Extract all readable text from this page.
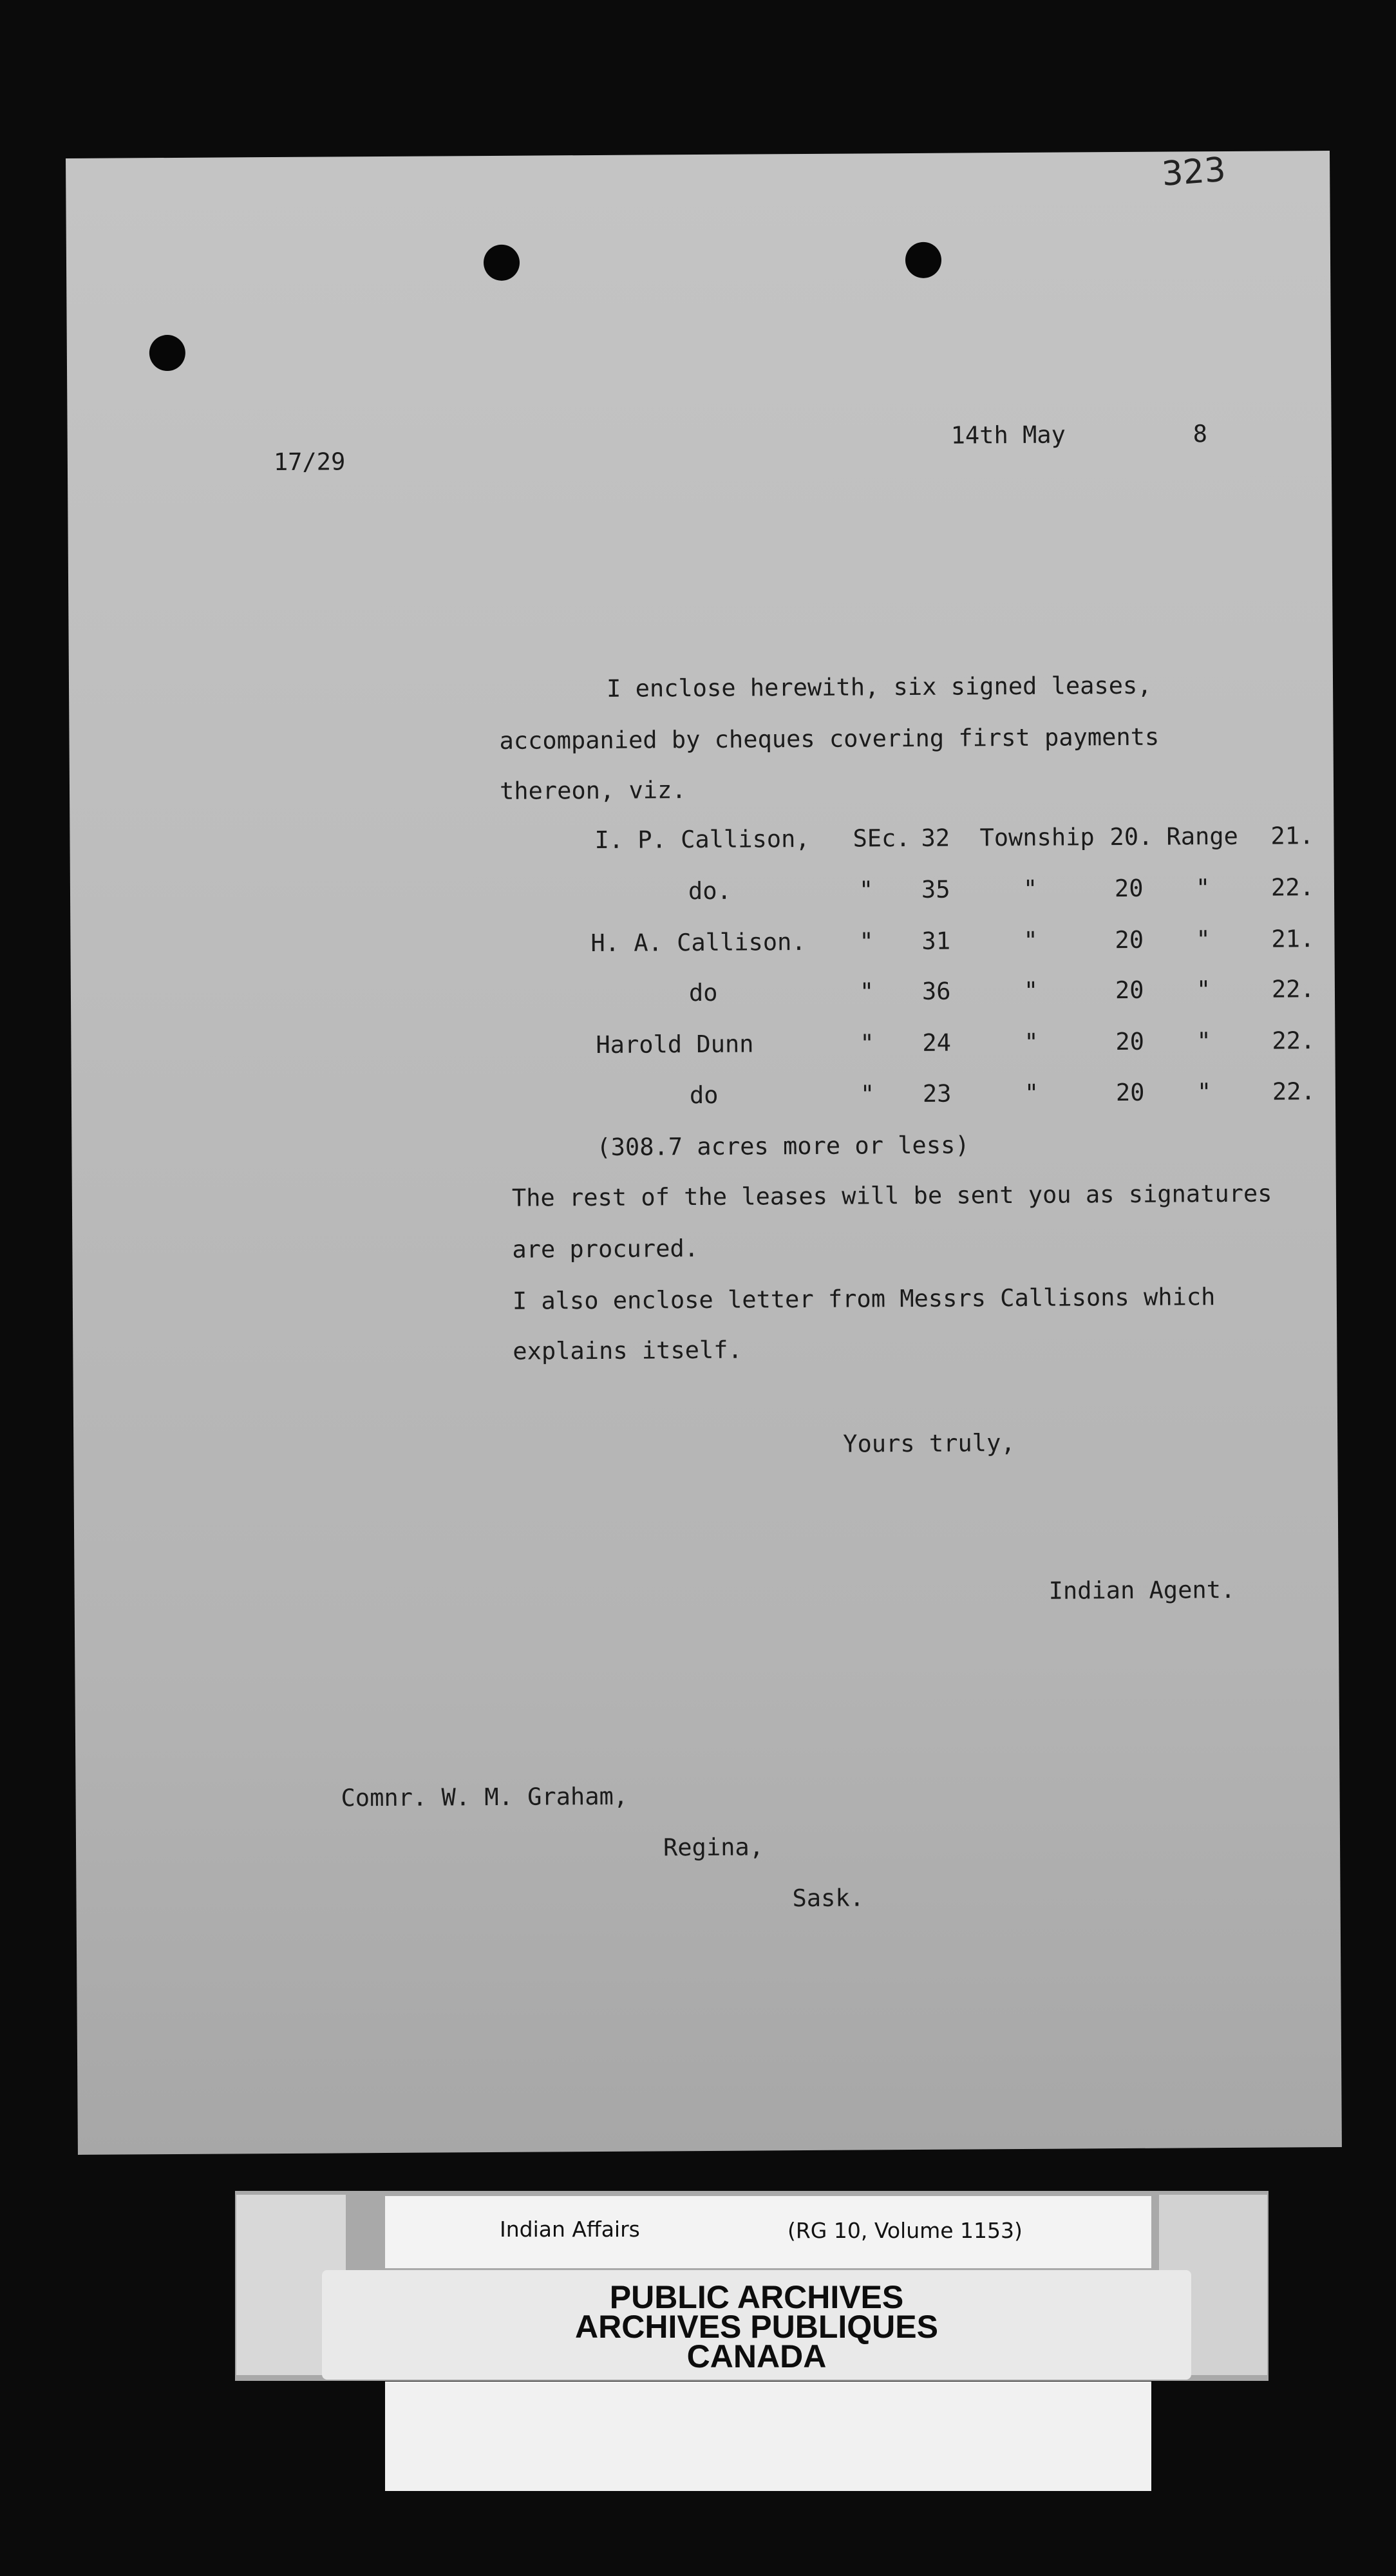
323
17/29
14th May	8
I enclose herewith, six signed leases,
accompanied by cheques covering first payments
thereon, viz.
I. P. Callison, SEc. 32 Township 20. Range 21.
do.	" 35	"	20 "	22.
H. A. Callison. " 31	"	20 "	21.
do	" 36	"	20 "	22.
Harold Dunn	" 24	"	20 "	22.
do	" 23	"	20 "	22.
(308.7 acres more or less)
The rest of the leases will be sent you as signatures
are procured.
I also enclose letter from Messrs Callisons which
explains itself.
Yours truly,
Indian Agent.
Comnr. W. M. Graham,
Regina,
Sask.
Indian Affairs	(RG 10, Volume 1153)
PUBLIC ARCHIVES
ARCHIVES PUBLIQUES
CANADA
